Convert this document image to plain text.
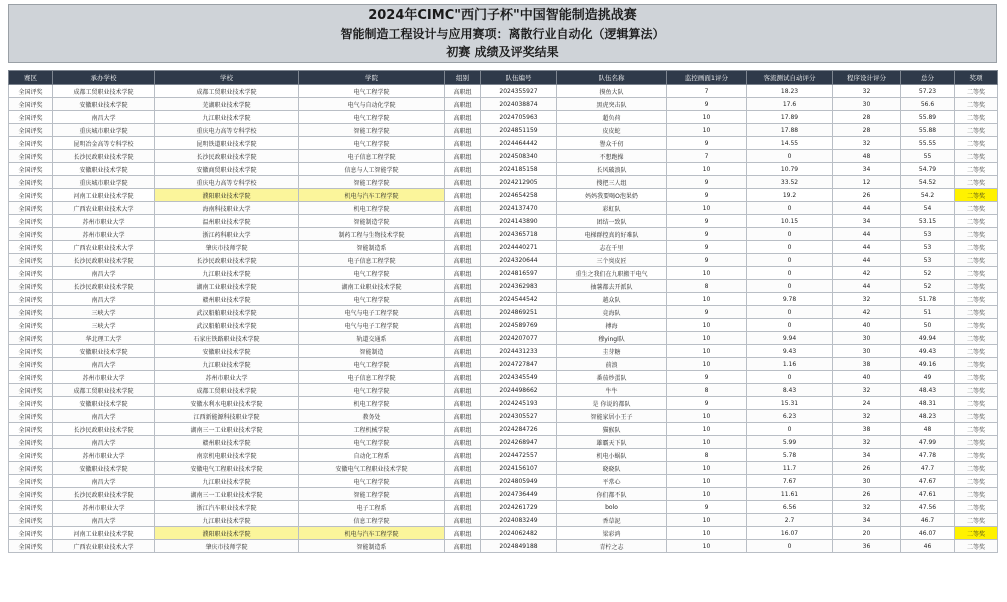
2024年CIMC"西门子杯"中国智能制造挑战赛
智能制造工程设计与应用赛项：离散行业自动化（逻辑算法）
初赛 成绩及评奖结果
赛区	承办学校	学校	学院	组别	队伍编号	队伍名称	监控画面1评分	客流测试自动评分	程序设计评分	总分	奖项
全国评奖	成都工贸职业技术学院	成都工贸职业技术学院	电气工程学院	高职组	2024355927	摸鱼大队	7	18.23	32	57.23	二等奖
全国评奖	安徽职业技术学院	芜湖职业技术学院	电气与自动化学院	高职组	2024038874	黑虎突击队	9	17.6	30	56.6	二等奖
全国评奖	南昌大学	九江职业技术学院	电气工程学院	高职组	2024705963	超负荷	10	17.89	28	55.89	二等奖
全国评奖	重庆城市职业学院	重庆电力高等专科学校	智能工程学院	高职组	2024851159	皮皮蛇	10	17.88	28	55.88	二等奖
全国评奖	昆明冶金高等专科学校	昆明铁道职业技术学院	电气工程学院	高职组	2024464442	譽众千仞	9	14.55	32	55.55	二等奖
全国评奖	长沙民政职业技术学院	长沙民政职业技术学院	电子信息工程学院	高职组	2024508340	不想跑操	7	0	48	55	二等奖
全国评奖	安徽职业技术学院	安徽商贸职业技术学院	信息与人工智能学院	高职组	2024185158	长风破浪队	10	10.79	34	54.79	二等奖
全国评奖	重庆城市职业学院	重庆电力高等专科学校	智能工程学院	高职组	2024212905	搜把三人组	9	33.52	12	54.52	二等奖
全国评奖	河南工业职业技术学院	濮阳职业技术学院	机电与汽车工程学院	高职组	2024654258	妈妈我要喝O泡果奶	9	19.2	26	54.2	二等奖
全国评奖	广西农业职业技术大学	海南科技职业大学	机电工程学院	高职组	2024137470	彩虹队	10	0	44	54	二等奖
全国评奖	苏州市职业大学	温州职业技术学院	智能制造学院	高职组	2024143890	团结一致队	9	10.15	34	53.15	二等奖
全国评奖	苏州市职业大学	浙江药科职业大学	制药工程与生物技术学院	高职组	2024365718	电梯群控真的好难队	9	0	44	53	二等奖
全国评奖	广西农业职业技术大学	肇庆市技师学院	智能制造系	高职组	2024440271	志在千里	9	0	44	53	二等奖
全国评奖	长沙民政职业技术学院	长沙民政职业技术学院	电子信息工程学院	高职组	2024320644	三个臭皮匠	9	0	44	53	二等奖
全国评奖	南昌大学	九江职业技术学院	电气工程学院	高职组	2024816597	重生之我们在九职搬干电气	10	0	42	52	二等奖
全国评奖	长沙民政职业技术学院	湖南工业职业技术学院	湖南工业职业技术学院	高职组	2024362983	抽薯都去开派队	8	0	44	52	二等奖
全国评奖	南昌大学	赣州职业技术学院	电气工程学院	高职组	2024544542	越众队	10	9.78	32	51.78	二等奖
全国评奖	三峡大学	武汉船舶职业技术学院	电气与电子工程学院	高职组	2024869251	竞海队	9	0	42	51	二等奖
全国评奖	三峡大学	武汉船舶职业技术学院	电气与电子工程学院	高职组	2024589769	搏海	10	0	40	50	二等奖
全国评奖	华北理工大学	石家庄铁路职业技术学院	轨道交通系	高职组	2024207077	穆yingl队	10	9.94	30	49.94	二等奖
全国评奖	安徽职业技术学院	安徽职业技术学院	智能制造	高职组	2024431233	圭芽糖	10	9.43	30	49.43	二等奖
全国评奖	南昌大学	九江职业技术学院	电气工程学院	高职组	2024727847	前浪	10	1.16	38	49.16	二等奖
全国评奖	苏州市职业大学	苏州市职业大学	电子信息工程学院	高职组	2024345549	番茄炒蛋队	9	0	40	49	二等奖
全国评奖	成都工贸职业技术学院	成都工贸职业技术学院	电气工程学院	高职组	2024498662	牛牛	8	8.43	32	48.43	二等奖
全国评奖	安徽职业技术学院	安徽水利水电职业技术学院	机电工程学院	高职组	2024245193	是 你说的都队	9	15.31	24	48.31	二等奖
全国评奖	南昌大学	江西新能源科技职业学院	教务处	高职组	2024305527	智能家居小王子	10	6.23	32	48.23	二等奖
全国评奖	长沙民政职业技术学院	湖南三一工业职业技术学院	工程机械学院	高职组	2024284726	猫猴队	10	0	38	48	二等奖
全国评奖	南昌大学	赣州职业技术学院	电气工程学院	高职组	2024268947	雄霸天下队	10	5.99	32	47.99	二等奖
全国评奖	苏州市职业大学	南京机电职业技术学院	自动化工程系	高职组	2024472557	机电小蜗队	8	5.78	34	47.78	二等奖
全国评奖	安徽职业技术学院	安徽电气工程职业技术学院	安徽电气工程职业技术学院	高职组	2024156107	晓晓队	10	11.7	26	47.7	二等奖
全国评奖	南昌大学	九江职业技术学院	电气工程学院	高职组	2024805949	平常心	10	7.67	30	47.67	二等奖
全国评奖	长沙民政职业技术学院	湖南三一工业职业技术学院	智能工程学院	高职组	2024736449	你们都不队	10	11.61	26	47.61	二等奖
全国评奖	苏州市职业大学	浙江汽车职业技术学院	电子工程系	高职组	2024261729	bolo	9	6.56	32	47.56	二等奖
全国评奖	南昌大学	九江职业技术学院	信息工程学院	高职组	2024083249	香草泥	10	2.7	34	46.7	二等奖
全国评奖	河南工业职业技术学院	濮阳职业技术学院	机电与汽车工程学院	高职组	2024062482	梁彩鸿	10	16.07	20	46.07	二等奖
全国评奖	广西农业职业技术大学	肇庆市技师学院	智能制造系	高职组	2024849188	青柠之志	10	0	36	46	二等奖
